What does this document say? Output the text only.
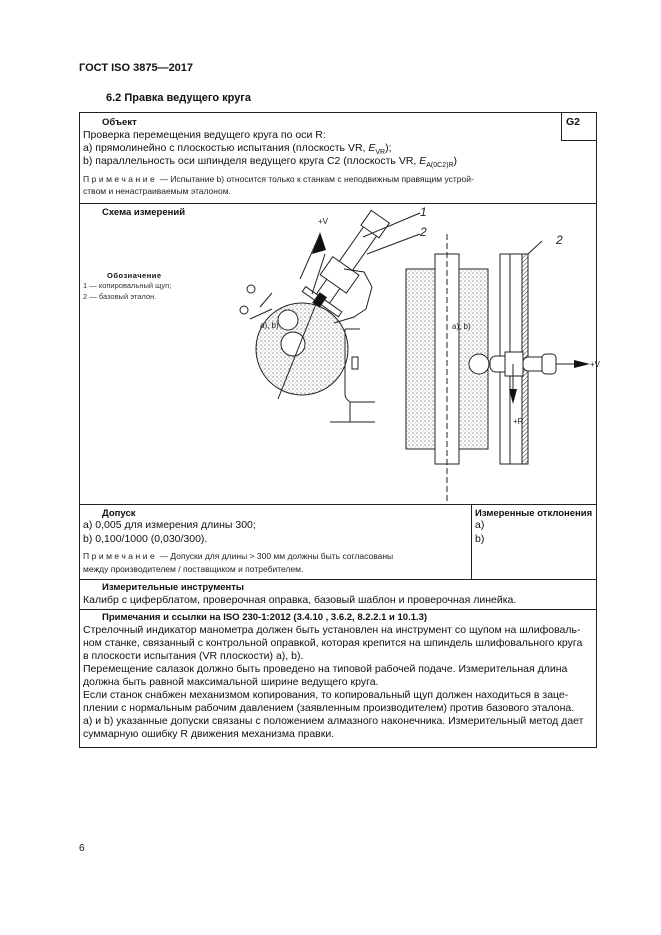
ГОСТ ISO 3875—2017
6.2 Правка ведущего круга
Объект	G2
Проверка перемещения ведущего круга по оси R:
a) прямолинейно с плоскостью испытания (плоскость VR, $E_{VR}$);
b) параллельность оси шпинделя ведущего круга С2 (плоскость VR, $E_{A(0C2)R}$)
Примечание — Испытание b) относится только к станкам с неподвижным правящим устрой-
ством и ненастраиваемым эталоном.
Схема измерений
Обозначение
1 — копировальный щуп;
2 — базовый эталон.
+V
1
2
2
a), b)	a), b)
+V
+R
Допуск
a) 0,005 для измерения длины 300;
b) 0,100/1000 (0,030/300).
Примечание — Допуски для длины > 300 мм должны быть согласованы
между производителем / поставщиком и потребителем.
Измеренные отклонения
a)
b)
Измерительные инструменты
Калибр с циферблатом, проверочная оправка, базовый шаблон и проверочная линейка.
Примечания и ссылки на ISO 230-1:2012 (3.4.10 , 3.6.2, 8.2.2.1 и 10.1.3)
Стрелочный индикатор манометра должен быть установлен на инструмент со щупом на шлифоваль-
ном станке, связанный с контрольной оправкой, которая крепится на шпиндель шлифовального круга
в плоскости испытания (VR плоскости) a), b).
Перемещение салазок должно быть проведено на типовой рабочей подаче. Измерительная длина
должна быть равной максимальной ширине ведущего круга.
Если станок снабжен механизмом копирования, то копировальный щуп должен находиться в заце-
плении с нормальным рабочим давлением (заявленным производителем) против базового эталона.
a) и b) указанные допуски связаны с положением алмазного наконечника. Измерительный метод дает
суммарную ошибку R движения механизма правки.
6
